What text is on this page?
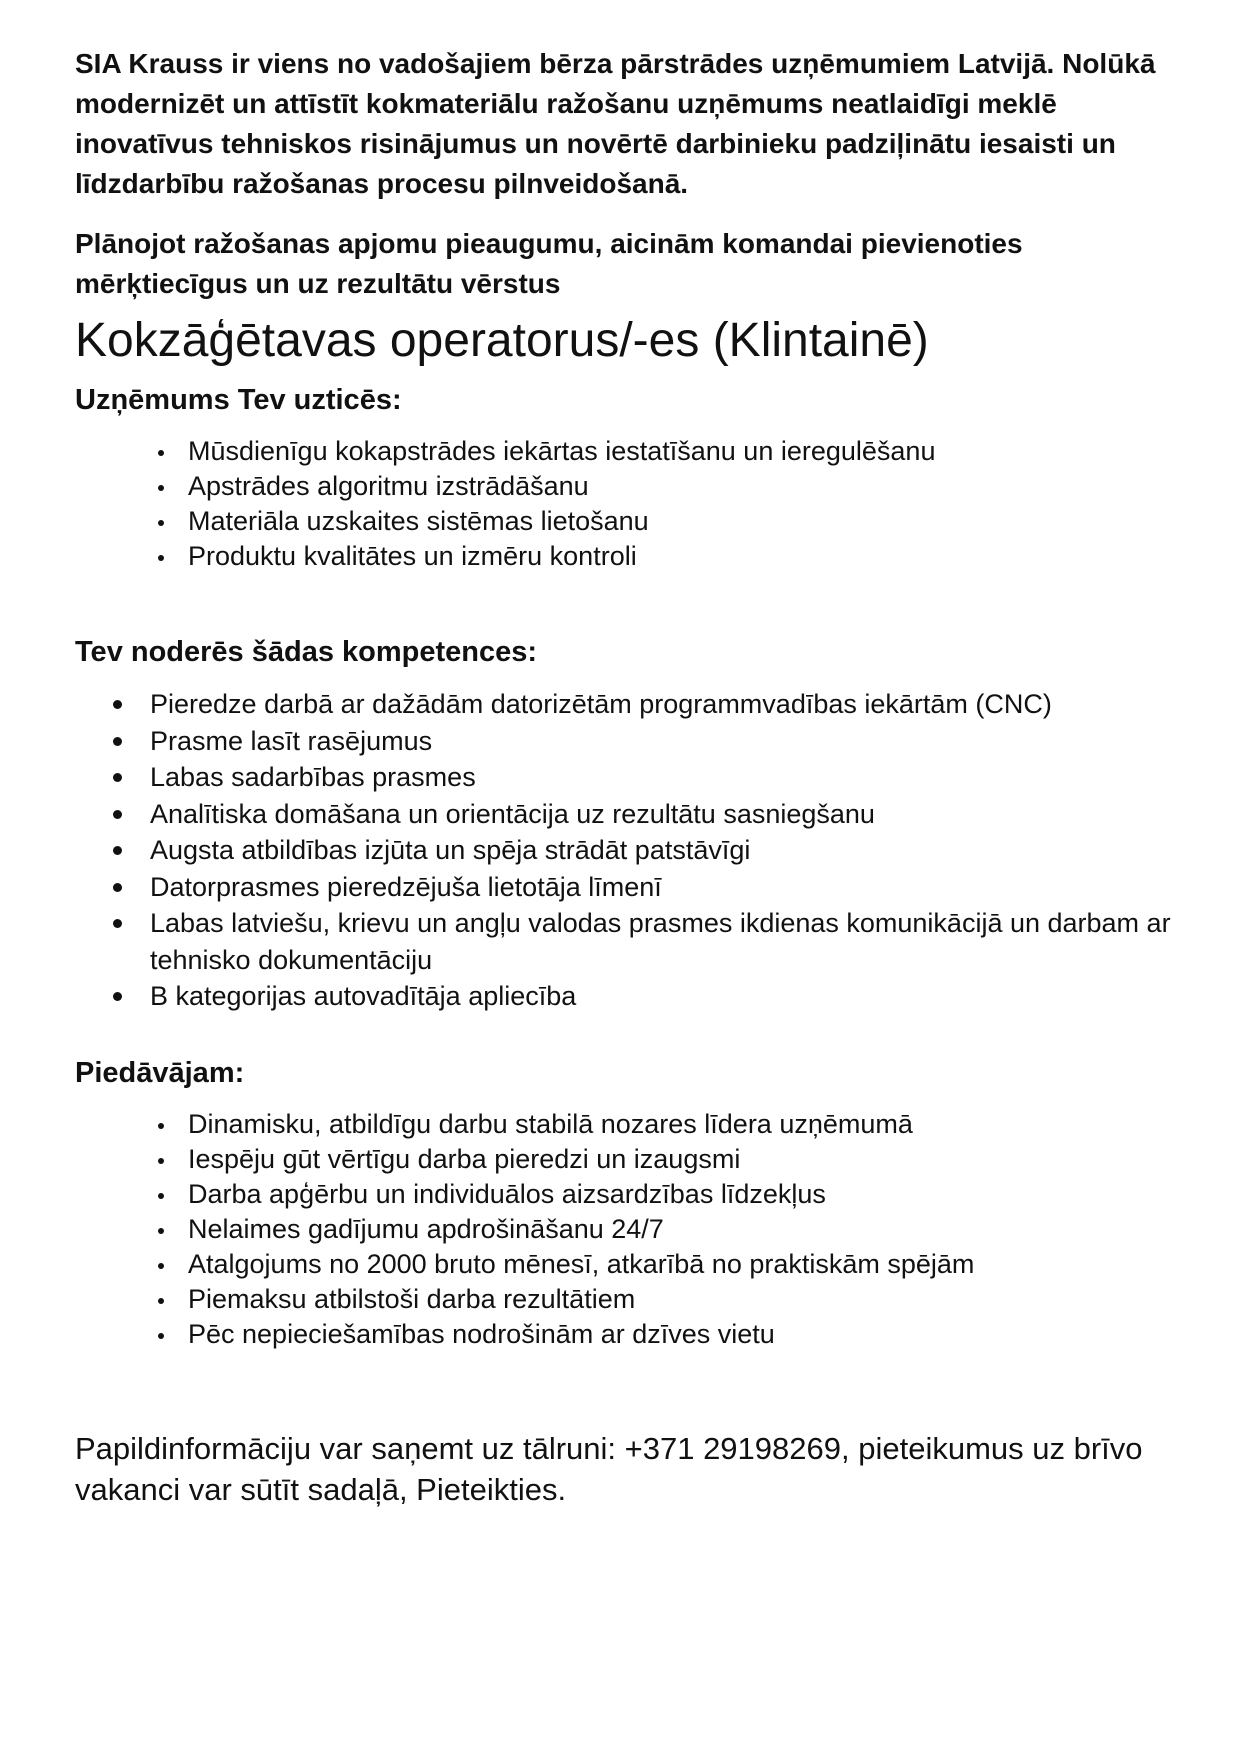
SIA Krauss ir viens no vadošajiem bērza pārstrādes uzņēmumiem Latvijā. Nolūkā modernizēt un attīstīt kokmateriālu ražošanu uzņēmums neatlaidīgi meklē inovatīvus tehniskos risinājumus un novērtē darbinieku padziļinātu iesaisti un līdzdarbību ražošanas procesu pilnveidošanā.

Plānojot ražošanas apjomu pieaugumu, aicinām komandai pievienoties mērķtiecīgus un uz rezultātu vērstus

Kokzāģētavas operatorus/-es (Klintainē)
Uzņēmums Tev uzticēs:
Mūsdienīgu kokapstrādes iekārtas iestatīšanu un ieregulēšanu
Apstrādes algoritmu izstrādāšanu
Materiāla uzskaites sistēmas lietošanu
Produktu kvalitātes un izmēru kontroli
Tev noderēs šādas kompetences:
Pieredze darbā ar dažādām datorizētām programmvadības iekārtām (CNC)
Prasme lasīt rasējumus
Labas sadarbības prasmes
Analītiska domāšana un orientācija uz rezultātu sasniegšanu
Augsta atbildības izjūta un spēja strādāt patstāvīgi
Datorprasmes pieredzējuša lietotāja līmenī
Labas latviešu, krievu un angļu valodas prasmes ikdienas komunikācijā un darbam ar tehnisko dokumentāciju
B kategorijas autovadītāja apliecība
Piedāvājam:
Dinamisku, atbildīgu darbu stabilā nozares līdera uzņēmumā
Iespēju gūt vērtīgu darba pieredzi un izaugsmi
Darba apģērbu un individuālos aizsardzības līdzekļus
Nelaimes gadījumu apdrošināšanu 24/7
Atalgojums no 2000 bruto mēnesī, atkarībā no praktiskām spējām
Piemaksu atbilstoši darba rezultātiem
Pēc nepieciešamības nodrošinām ar dzīves vietu

Papildinformāciju var saņemt uz tālruni: +371 29198269, pieteikumus uz brīvo vakanci var sūtīt sadaļā, Pieteikties.
